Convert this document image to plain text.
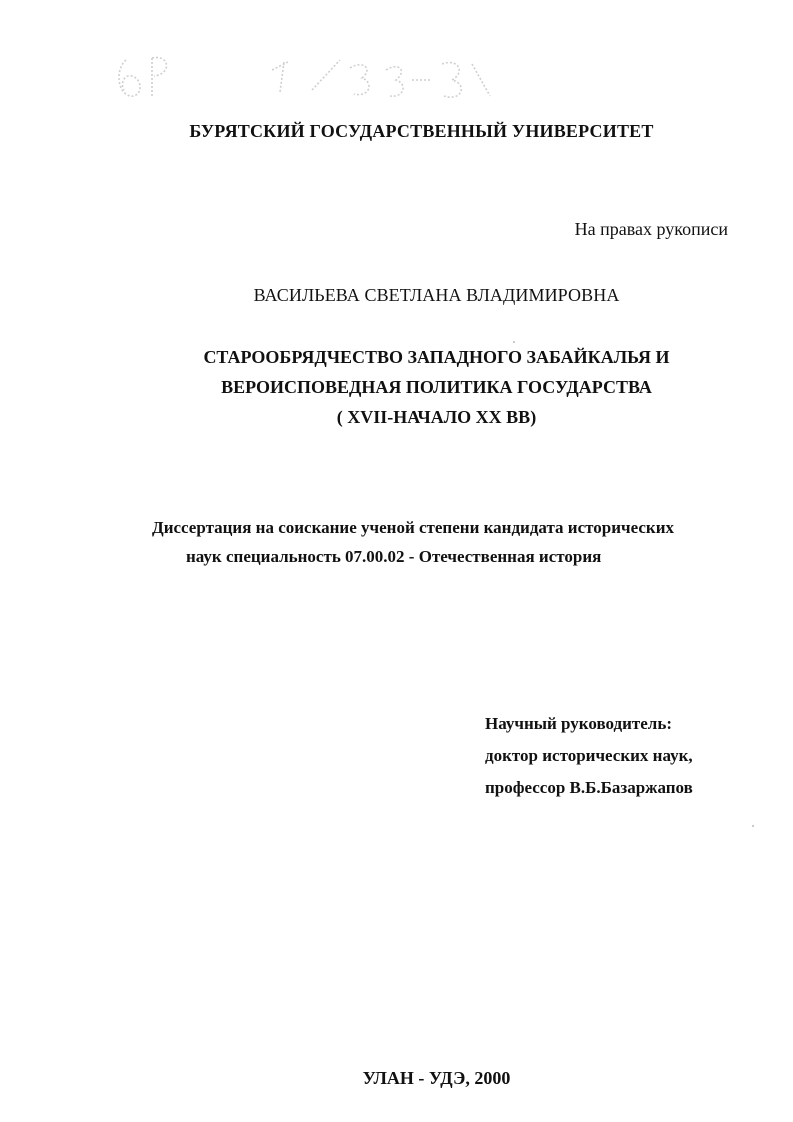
БУРЯТСКИЙ ГОСУДАРСТВЕННЫЙ УНИВЕРСИТЕТ

На правах рукописи

ВАСИЛЬЕВА СВЕТЛАНА ВЛАДИМИРОВНА

СТАРООБРЯДЧЕСТВО ЗАПАДНОГО ЗАБАЙКАЛЬЯ И
ВЕРОИСПОВЕДНАЯ ПОЛИТИКА ГОСУДАРСТВА
( XVII-НАЧАЛО XX ВВ)
Диссертация на соискание ученой степени кандидата исторических
наук специальность 07.00.02 - Отечественная история
Научный руководитель:
доктор исторических наук,
профессор В.Б.Базаржапов

УЛАН - УДЭ, 2000
